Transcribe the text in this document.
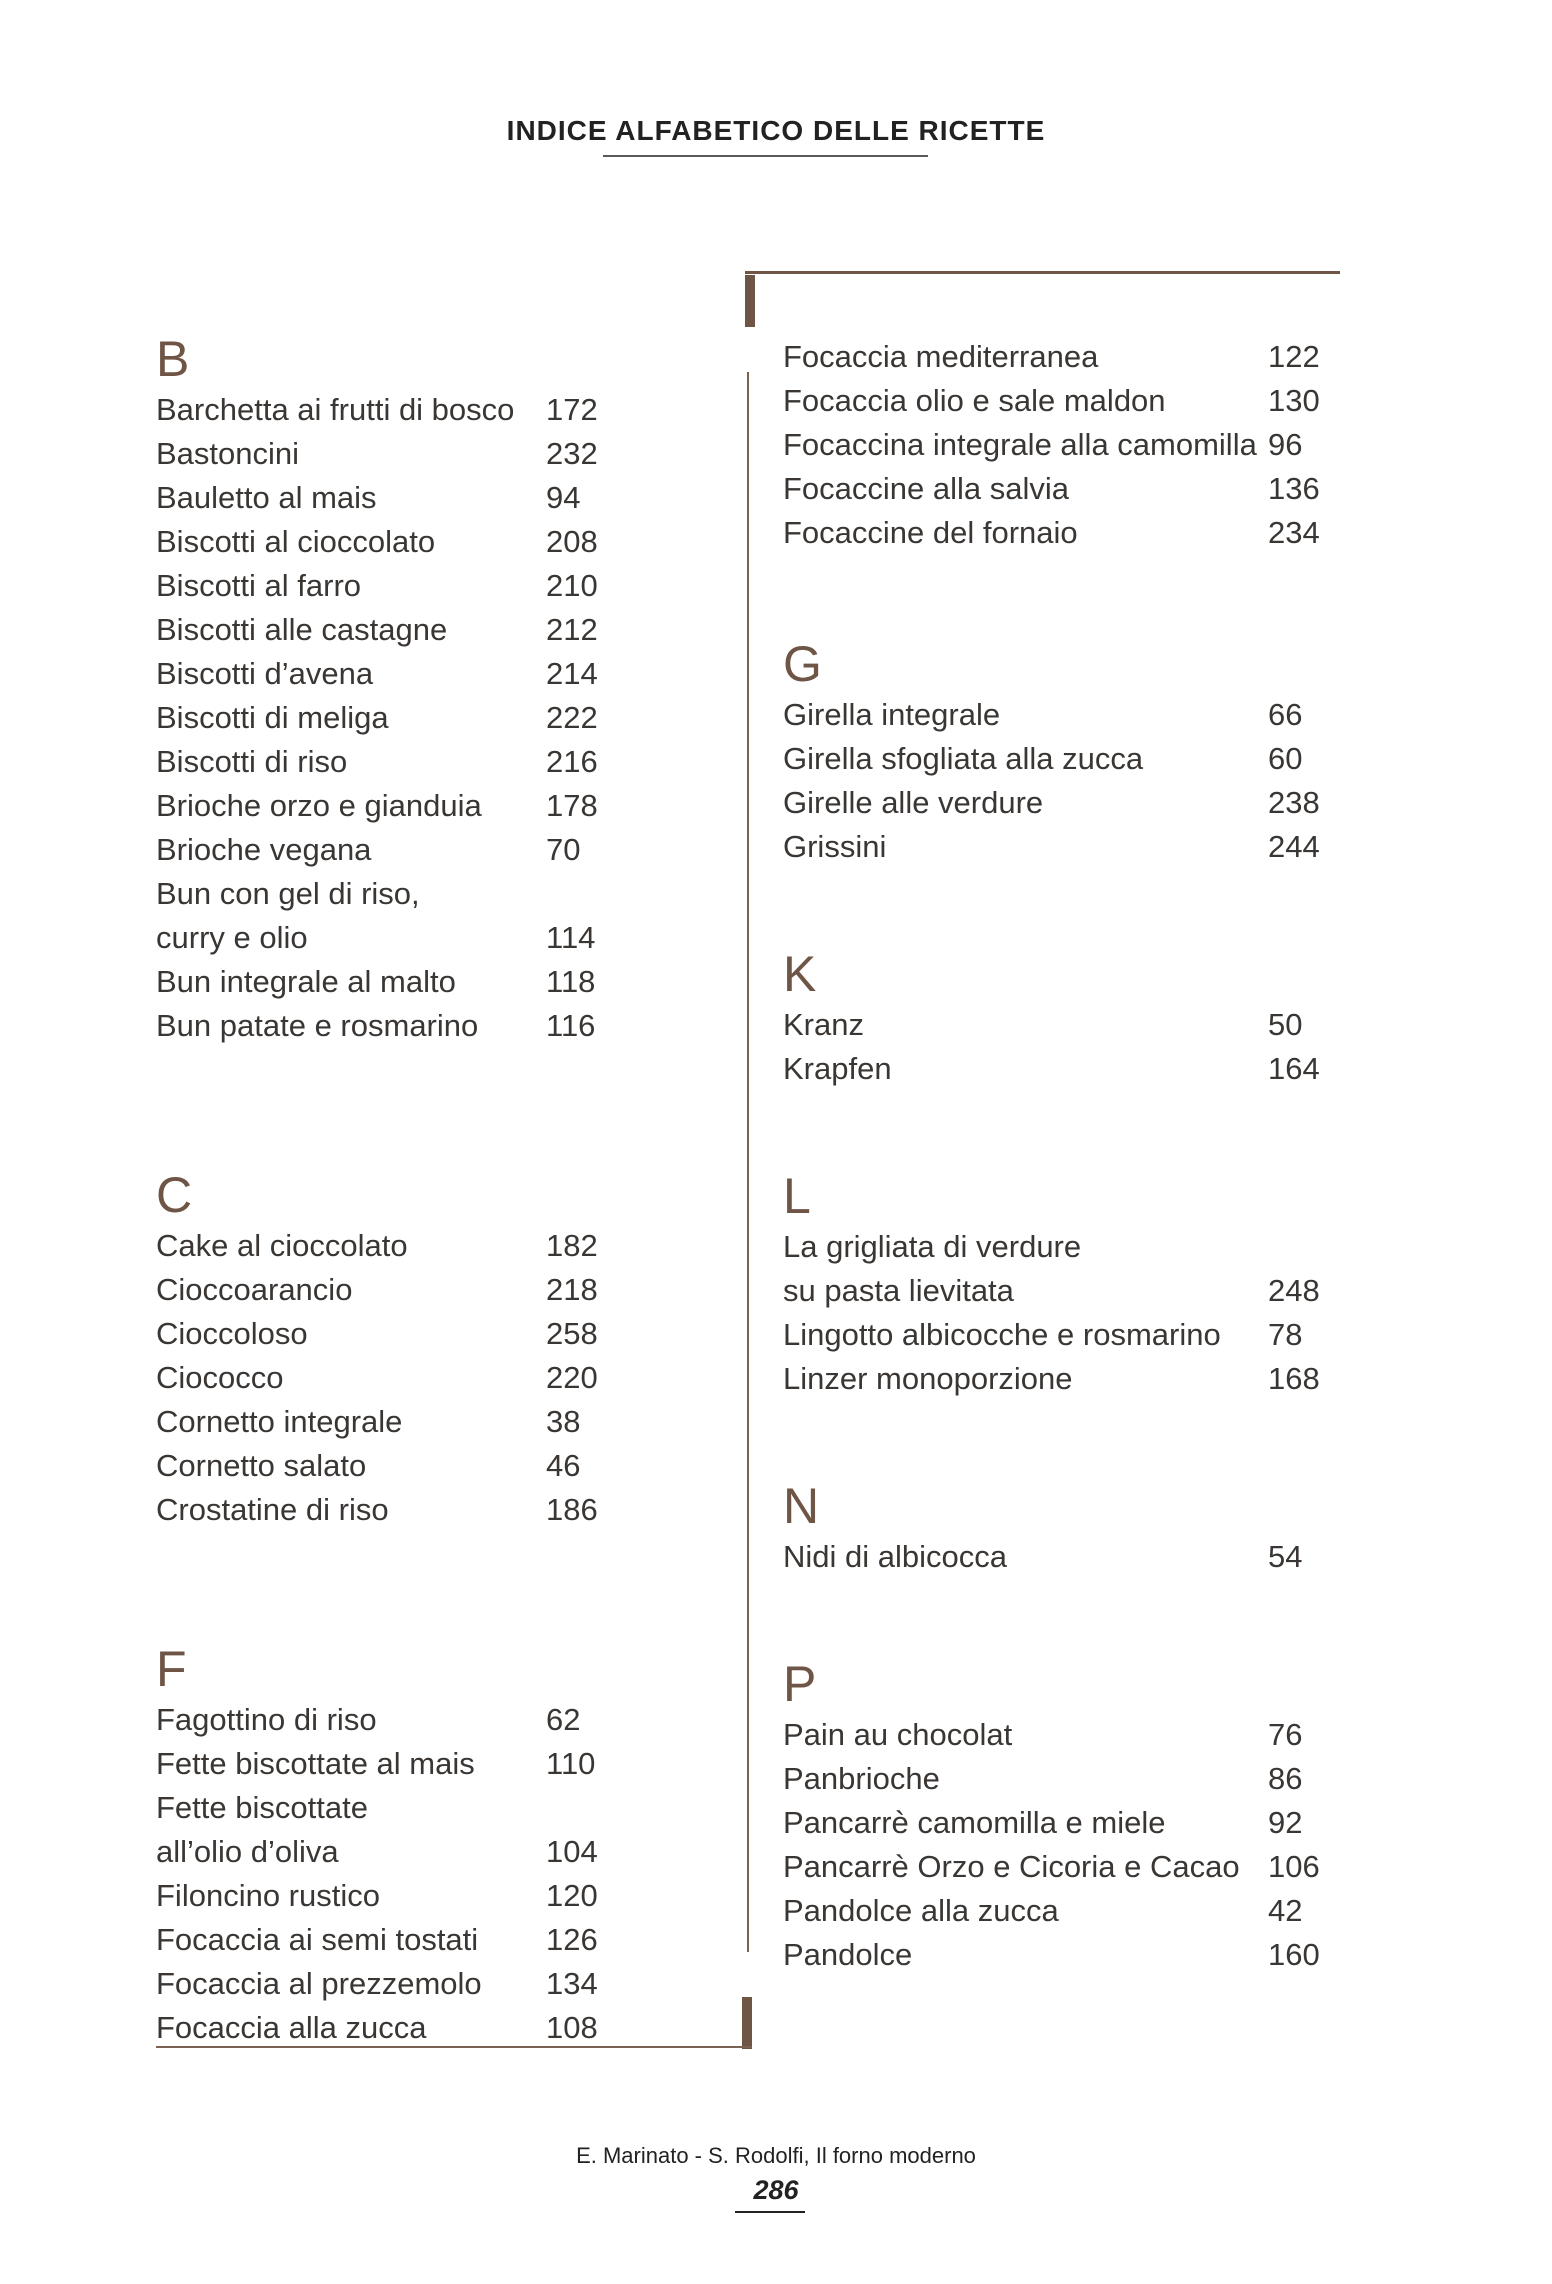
INDICE ALFABETICO DELLE RICETTE
B
Barchetta ai frutti di bosco	172
Bastoncini	232
Bauletto al mais	94
Biscotti al cioccolato	208
Biscotti al farro	210
Biscotti alle castagne	212
Biscotti d’avena	214
Biscotti di meliga	222
Biscotti di riso	216
Brioche orzo e gianduia	178
Brioche vegana	70
Bun con gel di riso,
curry e olio	114
Bun integrale al malto	118
Bun patate e rosmarino	116
C
Cake al cioccolato	182
Cioccoarancio	218
Cioccoloso	258
Ciococco	220
Cornetto integrale	38
Cornetto salato	46
Crostatine di riso	186
F
Fagottino di riso	62
Fette biscottate al mais	110
Fette biscottate
all’olio d’oliva	104
Filoncino rustico	120
Focaccia ai semi tostati	126
Focaccia al prezzemolo	134
Focaccia alla zucca	108
Focaccia mediterranea	122
Focaccia olio e sale maldon	130
Focaccina integrale alla camomilla 96
Focaccine alla salvia	136
Focaccine del fornaio	234
G
Girella integrale	66
Girella sfogliata alla zucca	60
Girelle alle verdure	238
Grissini	244
K
Kranz	50
Krapfen	164
L
La grigliata di verdure
su pasta lievitata	248
Lingotto albicocche e rosmarino	78
Linzer monoporzione	168
N
Nidi di albicocca	54
P
Pain au chocolat	76
Panbrioche	86
Pancarrè camomilla e miele	92
Pancarrè Orzo e Cicoria e Cacao 106
Pandolce alla zucca	42
Pandolce	160
E. Marinato - S. Rodolfi, Il forno moderno
286
